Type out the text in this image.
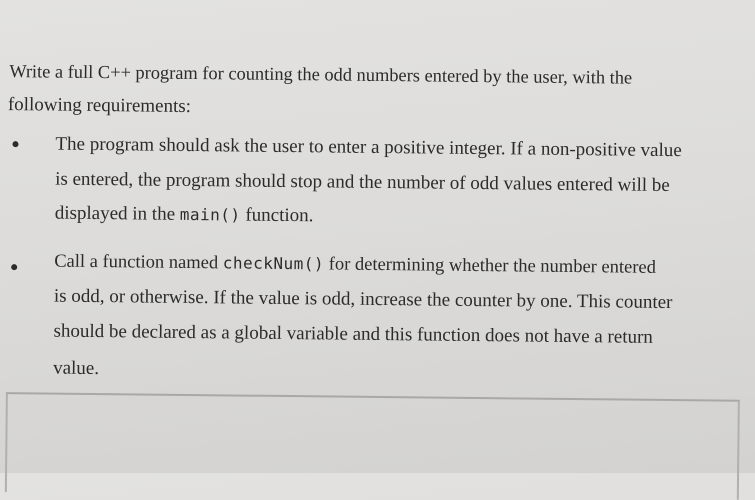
Write a full C++ program for counting the odd numbers entered by the user, with the
following requirements:
The program should ask the user to enter a positive integer. If a non-positive value
is entered, the program should stop and the number of odd values entered will be
displayed in the main() function.
Call a function named checkNum() for determining whether the number entered
is odd, or otherwise. If the value is odd, increase the counter by one. This counter
should be declared as a global variable and this function does not have a return
value.
